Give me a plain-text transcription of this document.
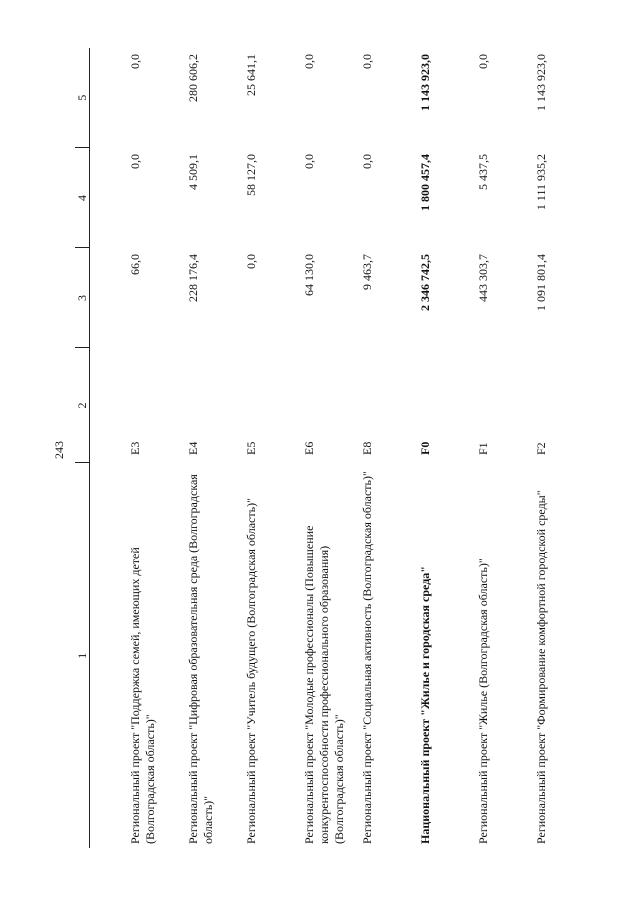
243
1	2	3	4	5
Региональный проект "Поддержка семей, имеющих детей (Волгоградская область)"	Е3	66,0	0,0	0,0
Региональный проект "Цифровая образовательная среда (Волгоградская область)"	Е4	228 176,4	4 509,1	280 606,2
Региональный проект "Учитель будущего (Волгоградская область)"	Е5	0,0	58 127,0	25 641,1
Региональный проект "Молодые профессионалы (Повышение конкурентоспособности профессионального образования) (Волгоградская область)"	Е6	64 130,0	0,0	0,0
Региональный проект "Социальная активность (Волгоградская область)"	Е8	9 463,7	0,0	0,0
Национальный проект "Жилье и городская среда"	F0	2 346 742,5	1 800 457,4	1 143 923,0
Региональный проект "Жилье (Волгоградская область)"	F1	443 303,7	5 437,5	0,0
Региональный проект "Формирование комфортной городской среды"	F2	1 091 801,4	1 111 935,2	1 143 923,0
